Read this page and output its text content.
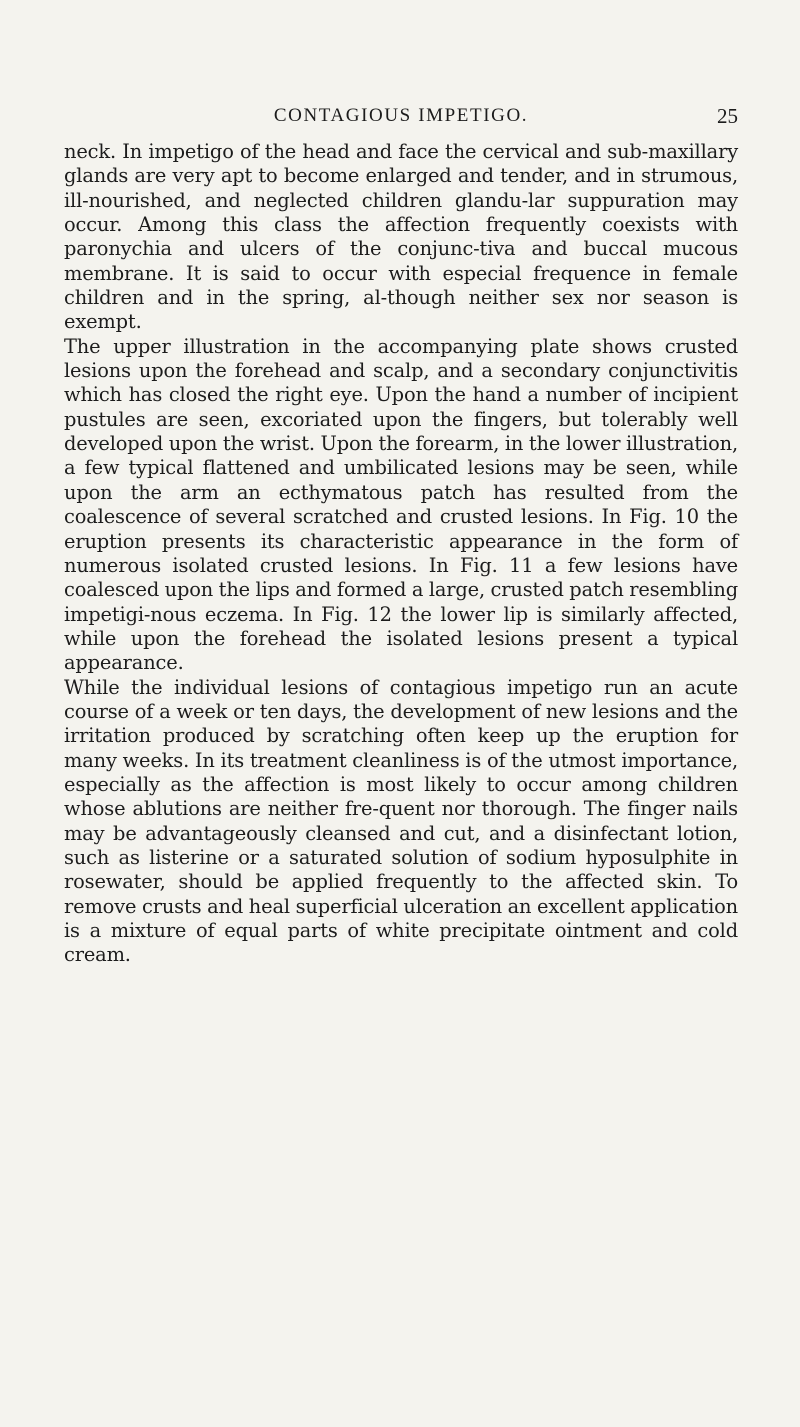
CONTAGIOUS IMPETIGO.	25

neck. In impetigo of the head and face the cervical and sub-maxillary glands are very apt to become enlarged and tender, and in strumous, ill-nourished, and neglected children glandu-lar suppuration may occur. Among this class the affection frequently coexists with paronychia and ulcers of the conjunc-tiva and buccal mucous membrane. It is said to occur with especial frequence in female children and in the spring, al-though neither sex nor season is exempt.

The upper illustration in the accompanying plate shows crusted lesions upon the forehead and scalp, and a secondary conjunctivitis which has closed the right eye. Upon the hand a number of incipient pustules are seen, excoriated upon the fingers, but tolerably well developed upon the wrist. Upon the forearm, in the lower illustration, a few typical flattened and umbilicated lesions may be seen, while upon the arm an ecthymatous patch has resulted from the coalescence of several scratched and crusted lesions. In Fig. 10 the eruption presents its characteristic appearance in the form of numerous isolated crusted lesions. In Fig. 11 a few lesions have coalesced upon the lips and formed a large, crusted patch resembling impetigi-nous eczema. In Fig. 12 the lower lip is similarly affected, while upon the forehead the isolated lesions present a typical appearance.

While the individual lesions of contagious impetigo run an acute course of a week or ten days, the development of new lesions and the irritation produced by scratching often keep up the eruption for many weeks. In its treatment cleanliness is of the utmost importance, especially as the affection is most likely to occur among children whose ablutions are neither fre-quent nor thorough. The finger nails may be advantageously cleansed and cut, and a disinfectant lotion, such as listerine or a saturated solution of sodium hyposulphite in rosewater, should be applied frequently to the affected skin. To remove crusts and heal superficial ulceration an excellent application is a mixture of equal parts of white precipitate ointment and cold cream.
